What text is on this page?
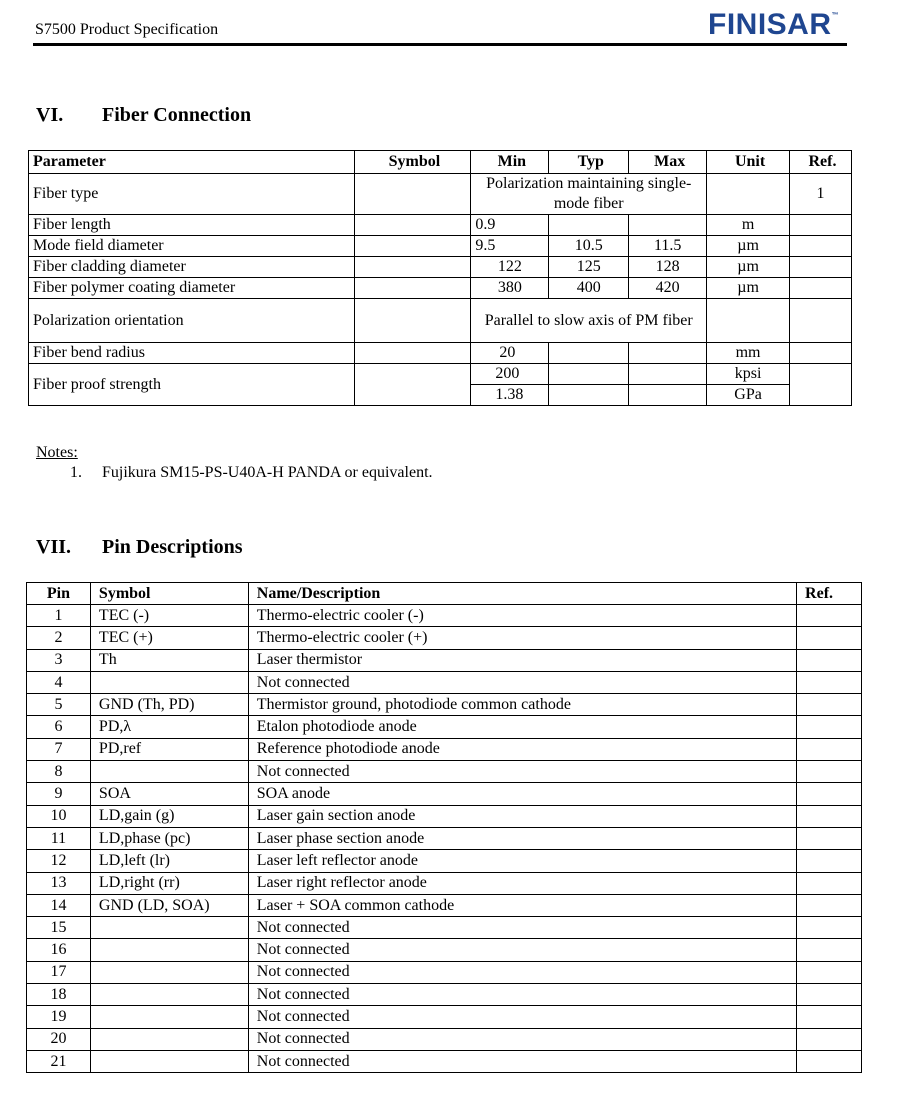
S7500 Product Specification	FINISAR™
VI. Fiber Connection
Parameter	Symbol	Min	Typ	Max	Unit	Ref.
Fiber type		Polarization maintaining single-mode fiber				1
Fiber length		0.9			m	
Mode field diameter		9.5	10.5	11.5	µm	
Fiber cladding diameter		122	125	128	µm	
Fiber polymer coating diameter		380	400	420	µm	
Polarization orientation		Parallel to slow axis of PM fiber				
Fiber bend radius		20			mm	
Fiber proof strength		200			kpsi	
		1.38			GPa	
Notes:
1. Fujikura SM15-PS-U40A-H PANDA or equivalent.
VII. Pin Descriptions
Pin	Symbol	Name/Description	Ref.
1	TEC (-)	Thermo-electric cooler (-)	
2	TEC (+)	Thermo-electric cooler (+)	
3	Th	Laser thermistor	
4		Not connected	
5	GND (Th, PD)	Thermistor ground, photodiode common cathode	
6	PD,λ	Etalon photodiode anode	
7	PD,ref	Reference photodiode anode	
8		Not connected	
9	SOA	SOA anode	
10	LD,gain (g)	Laser gain section anode	
11	LD,phase (pc)	Laser phase section anode	
12	LD,left (lr)	Laser left reflector anode	
13	LD,right (rr)	Laser right reflector anode	
14	GND (LD, SOA)	Laser + SOA common cathode	
15		Not connected	
16		Not connected	
17		Not connected	
18		Not connected	
19		Not connected	
20		Not connected	
21		Not connected	
